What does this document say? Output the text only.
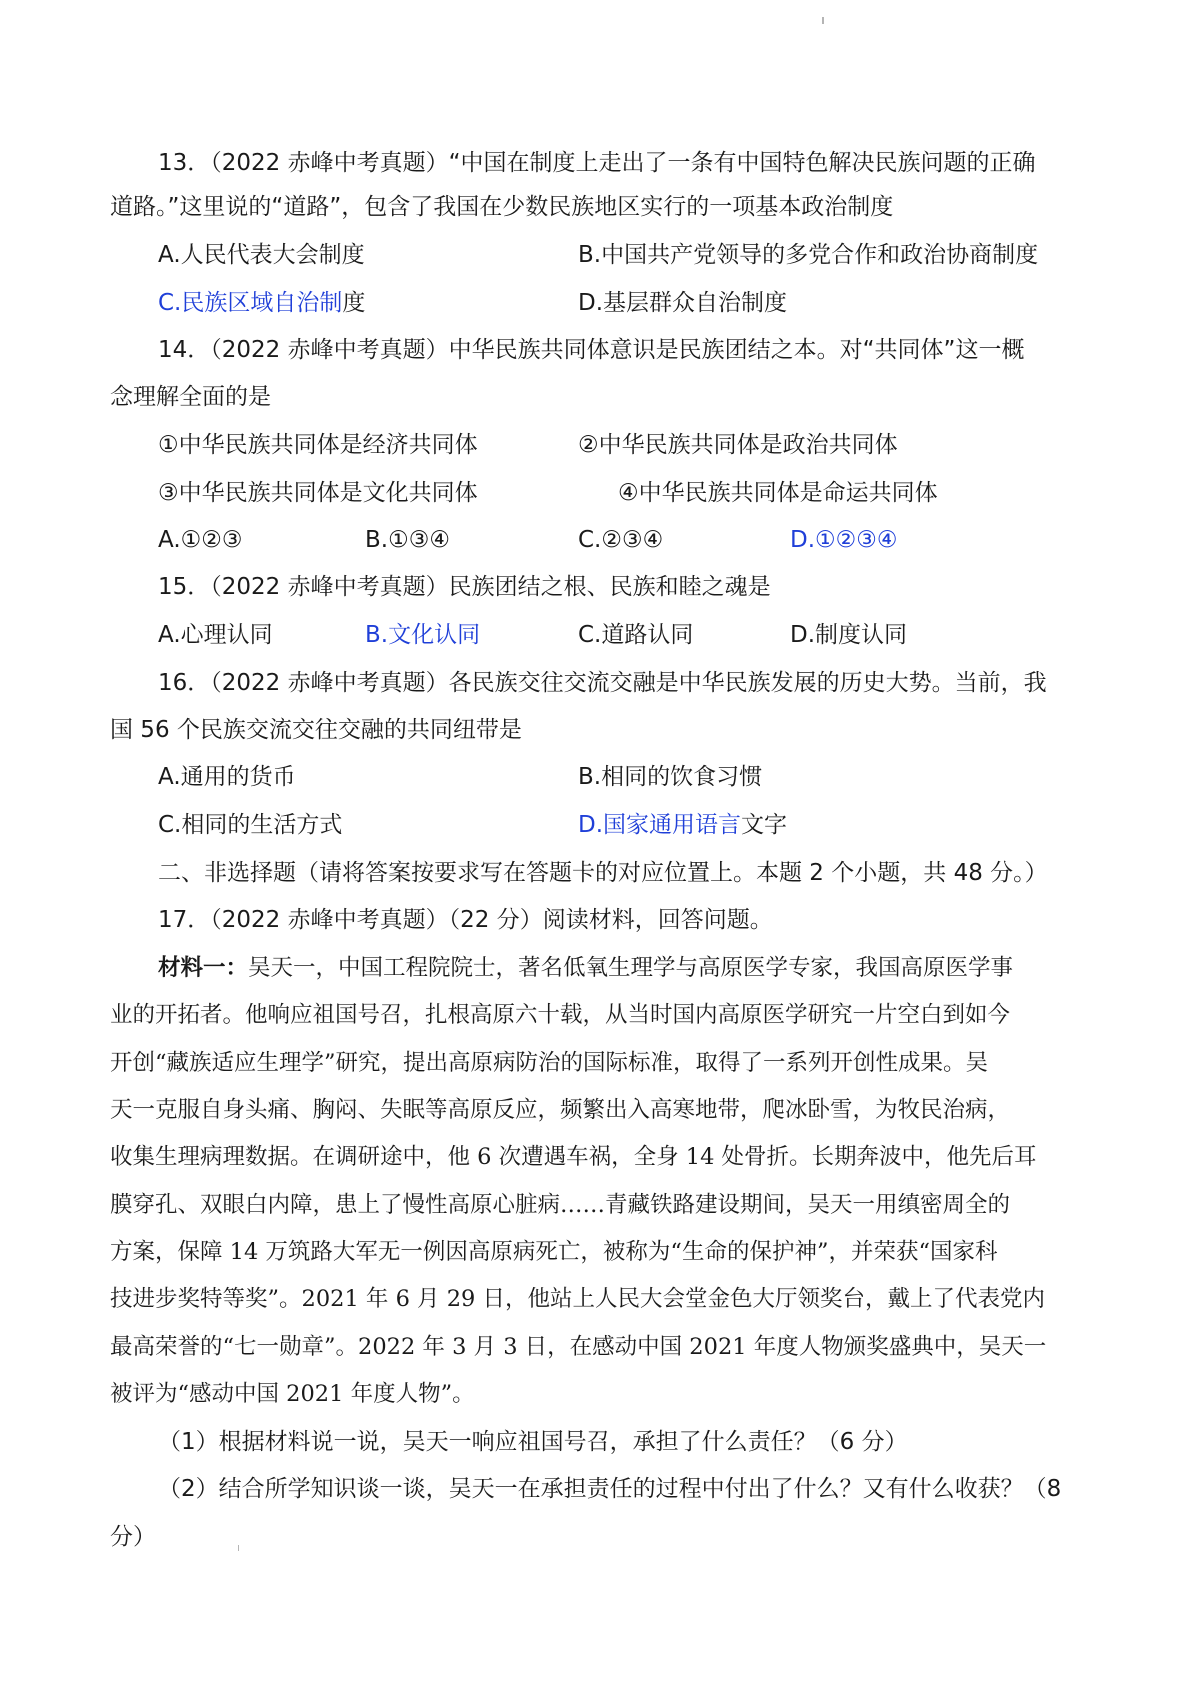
13．（2022 赤峰中考真题）“中国在制度上走出了一条有中国特色解决民族问题的正确
道路。”这里说的“道路”，包含了我国在少数民族地区实行的一项基本政治制度
A.人民代表大会制度	B.中国共产党领导的多党合作和政治协商制度
C.民族区域自治制度	D.基层群众自治制度
14．（2022 赤峰中考真题）中华民族共同体意识是民族团结之本。对“共同体”这一概
念理解全面的是
①中华民族共同体是经济共同体	②中华民族共同体是政治共同体
③中华民族共同体是文化共同体	④中华民族共同体是命运共同体
A.①②③	B.①③④	C.②③④	D.①②③④
15．（2022 赤峰中考真题）民族团结之根、民族和睦之魂是
A.心理认同	B.文化认同	C.道路认同	D.制度认同
16．（2022 赤峰中考真题）各民族交往交流交融是中华民族发展的历史大势。当前，我
国 56 个民族交流交往交融的共同纽带是
A.通用的货币	B.相同的饮食习惯
C.相同的生活方式	D.国家通用语言文字
二、非选择题（请将答案按要求写在答题卡的对应位置上。本题 2 个小题，共 48 分。）
17．（2022 赤峰中考真题）（22 分）阅读材料，回答问题。
材料一：吴天一，中国工程院院士，著名低氧生理学与高原医学专家，我国高原医学事
业的开拓者。他响应祖国号召，扎根高原六十载，从当时国内高原医学研究一片空白到如今
开创“藏族适应生理学”研究，提出高原病防治的国际标准，取得了一系列开创性成果。吴
天一克服自身头痛、胸闷、失眠等高原反应，频繁出入高寒地带，爬冰卧雪，为牧民治病，
收集生理病理数据。在调研途中，他 6 次遭遇车祸，全身 14 处骨折。长期奔波中，他先后耳
膜穿孔、双眼白内障，患上了慢性高原心脏病……青藏铁路建设期间，吴天一用缜密周全的
方案，保障 14 万筑路大军无一例因高原病死亡，被称为“生命的保护神”，并荣获“国家科
技进步奖特等奖”。2021 年 6 月 29 日，他站上人民大会堂金色大厅领奖台，戴上了代表党内
最高荣誉的“七一勋章”。2022 年 3 月 3 日，在感动中国 2021 年度人物颁奖盛典中，吴天一
被评为“感动中国 2021 年度人物”。
（1）根据材料说一说，吴天一响应祖国号召，承担了什么责任？（6 分）
（2）结合所学知识谈一谈，吴天一在承担责任的过程中付出了什么？又有什么收获？（8
分）
